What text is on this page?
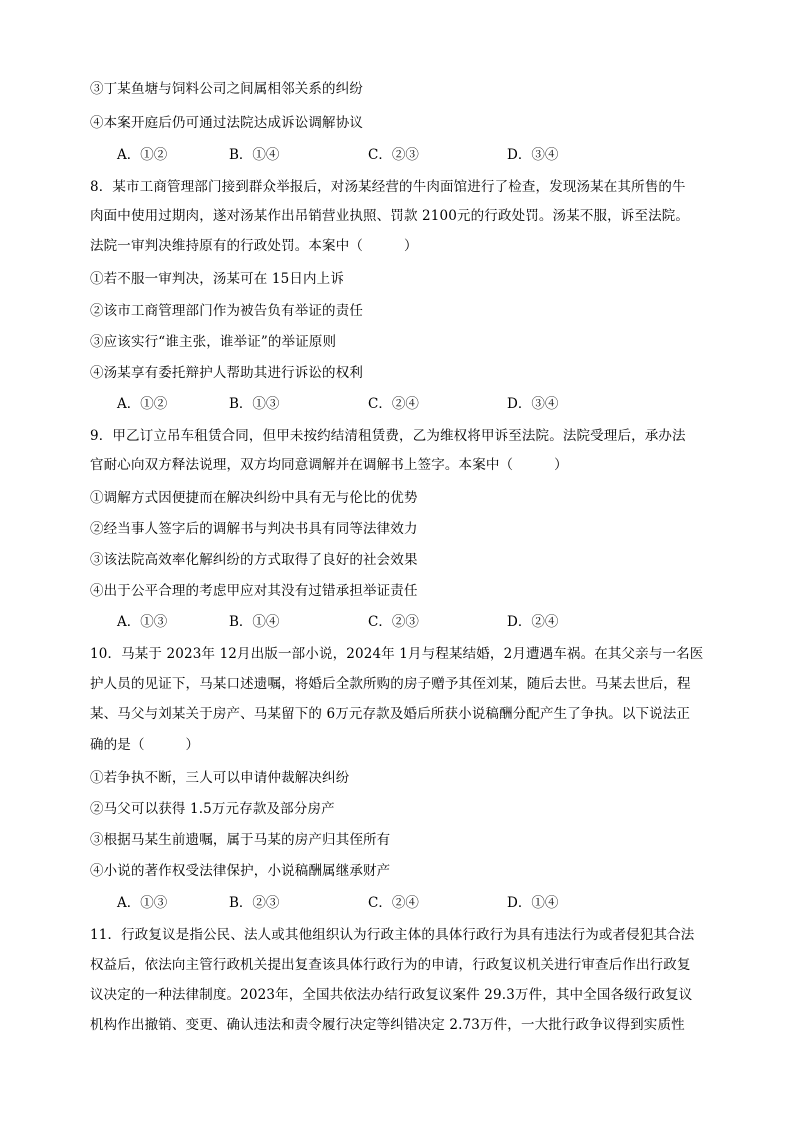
③丁某鱼塘与饲料公司之间属相邻关系的纠纷
④本案开庭后仍可通过法院达成诉讼调解协议
A．①②	B．①④	C．②③	D．③④
8．某市工商管理部门接到群众举报后，对汤某经营的牛肉面馆进行了检查，发现汤某在其所售的牛
肉面中使用过期肉，遂对汤某作出吊销营业执照、罚款 2100元的行政处罚。汤某不服，诉至法院。
法院一审判决维持原有的行政处罚。本案中（　　　）
①若不服一审判决，汤某可在 15日内上诉
②该市工商管理部门作为被告负有举证的责任
③应该实行“谁主张，谁举证”的举证原则
④汤某享有委托辩护人帮助其进行诉讼的权利
A．①②	B．①③	C．②④	D．③④
9．甲乙订立吊车租赁合同，但甲未按约结清租赁费，乙为维权将甲诉至法院。法院受理后，承办法
官耐心向双方释法说理，双方均同意调解并在调解书上签字。本案中（　　　）
①调解方式因便捷而在解决纠纷中具有无与伦比的优势
②经当事人签字后的调解书与判决书具有同等法律效力
③该法院高效率化解纠纷的方式取得了良好的社会效果
④出于公平合理的考虑甲应对其没有过错承担举证责任
A．①③	B．①④	C．②③	D．②④
10．马某于 2023年 12月出版一部小说，2024年 1月与程某结婚，2月遭遇车祸。在其父亲与一名医
护人员的见证下，马某口述遗嘱，将婚后全款所购的房子赠予其侄刘某，随后去世。马某去世后，程
某、马父与刘某关于房产、马某留下的 6万元存款及婚后所获小说稿酬分配产生了争执。以下说法正
确的是（　　　）
①若争执不断，三人可以申请仲裁解决纠纷
②马父可以获得 1.5万元存款及部分房产
③根据马某生前遗嘱，属于马某的房产归其侄所有
④小说的著作权受法律保护，小说稿酬属继承财产
A．①③	B．②③	C．②④	D．①④
11．行政复议是指公民、法人或其他组织认为行政主体的具体行政行为具有违法行为或者侵犯其合法
权益后，依法向主管行政机关提出复查该具体行政行为的申请，行政复议机关进行审查后作出行政复
议决定的一种法律制度。2023年，全国共依法办结行政复议案件 29.3万件，其中全国各级行政复议
机构作出撤销、变更、确认违法和责令履行决定等纠错决定 2.73万件，一大批行政争议得到实质性
